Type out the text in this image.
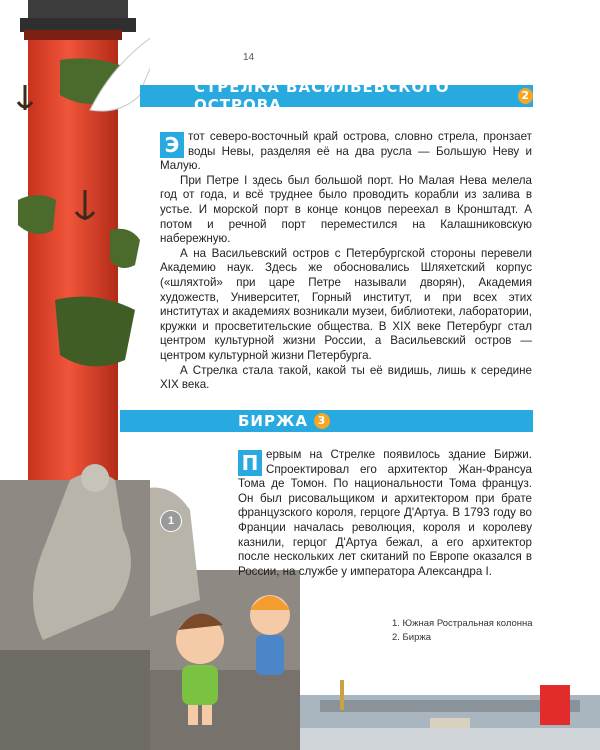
14
СТРЕЛКА ВАСИЛЬЕВСКОГО ОСТРОВА
2

Э тот северо-восточный край острова, словно стрела, пронзает воды Невы, разделяя её на два русла — Большую Неву и Малую.

При Петре I здесь был большой порт. Но Малая Нева мелела год от года, и всё труднее было проводить корабли из залива в устье. И морской порт в конце концов переехал в Кронштадт. А потом и речной порт переместился на Калашниковскую набережную.

А на Васильевский остров с Петербургской стороны перевели Академию наук. Здесь же обосновались Шляхетский корпус («шляхтой» при царе Петре называли дворян), Академия художеств, Университет, Горный институт, и при всех этих институтах и академиях возникали музеи, библиотеки, лаборатории, кружки и просветительские общества. В XIX веке Петербург стал центром культурной жизни России, а Васильевский остров — центром культурной жизни Петербурга.

А Стрелка стала такой, какой ты её видишь, лишь к середине XIX века.

БИРЖА 3

П ервым на Стрелке появилось здание Биржи. Спроектировал его архитектор Жан-Франсуа Тома де Томон. По национальности Тома француз. Он был рисовальщиком и архитектором при брате французского короля, герцоге Д'Артуа. В 1793 году во Франции началась революция, короля и королеву казнили, герцог Д'Артуа бежал, а его архитектор после нескольких лет скитаний по Европе оказался в России, на службе у императора Александра I.

1
1. Южная Ростральная колонна
2. Биржа
